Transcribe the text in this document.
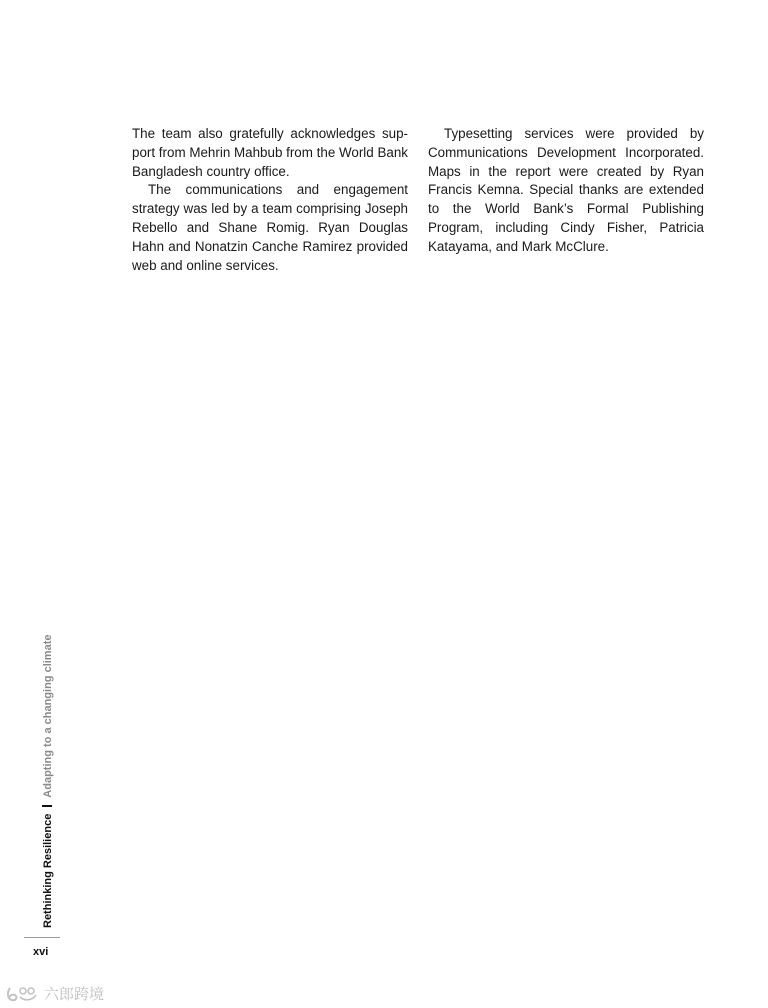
The team also gratefully acknowledges support from Mehrin Mahbub from the World Bank Bangladesh country office.

The communications and engagement strategy was led by a team comprising Joseph Rebello and Shane Romig. Ryan Douglas Hahn and Nonatzin Canche Ramirez provided web and online services.

Typesetting services were provided by Communications Development Incorporated. Maps in the report were created by Ryan Francis Kemna. Special thanks are extended to the World Bank’s Formal Publishing Program, including Cindy Fisher, Patricia Katayama, and Mark McClure.

Rethinking ResilienceAdapting to a changing climate
xvi
六郎跨境
